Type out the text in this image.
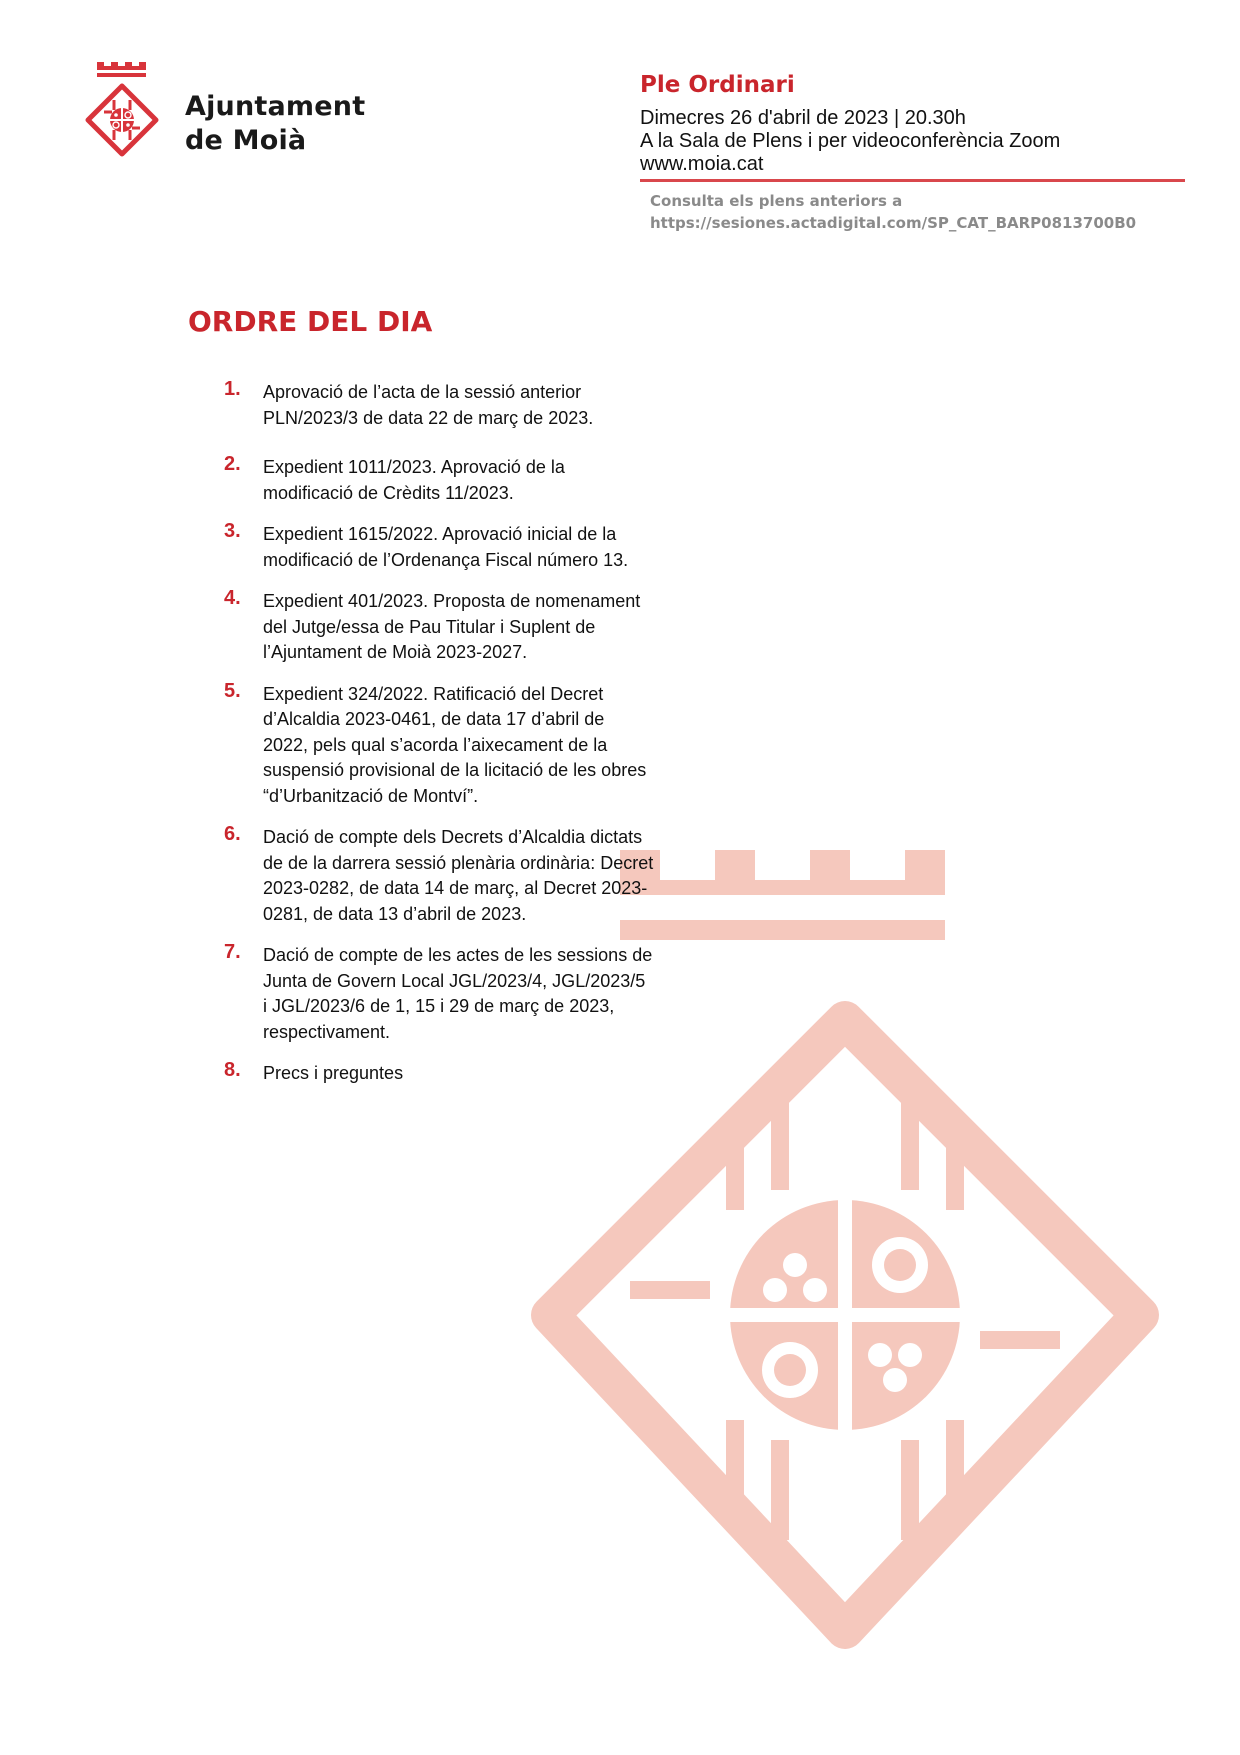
Ajuntament
de Moià
Ple Ordinari
Dimecres 26 d'abril de 2023 | 20.30h
A la Sala de Plens i per videoconferència Zoom
www.moia.cat
Consulta els plens anteriors a
https://sesiones.actadigital.com/SP_CAT_BARP0813700B0
ORDRE DEL DIA
1. Aprovació de l’acta de la sessió anterior PLN/2023/3 de data 22 de març de 2023.
2. Expedient 1011/2023. Aprovació de la modificació de Crèdits 11/2023.
3. Expedient 1615/2022. Aprovació inicial de la modificació de l’Ordenança Fiscal número 13.
4. Expedient 401/2023. Proposta de nomenament del Jutge/essa de Pau Titular i Suplent de l’Ajuntament de Moià 2023-2027.
5. Expedient 324/2022. Ratificació del Decret d’Alcaldia 2023-0461, de data 17 d’abril de 2022, pels qual s’acorda l’aixecament de la suspensió provisional de la licitació de les obres “d’Urbanització de Montví”.
6. Dació de compte dels Decrets d’Alcaldia dictats de de la darrera sessió plenària ordinària: Decret 2023-0282, de data 14 de març, al Decret 2023-0281, de data 13 d’abril de 2023.
7. Dació de compte de les actes de les sessions de Junta de Govern Local JGL/2023/4, JGL/2023/5 i JGL/2023/6 de 1, 15 i 29 de març de 2023, respectivament.
8. Precs i preguntes
